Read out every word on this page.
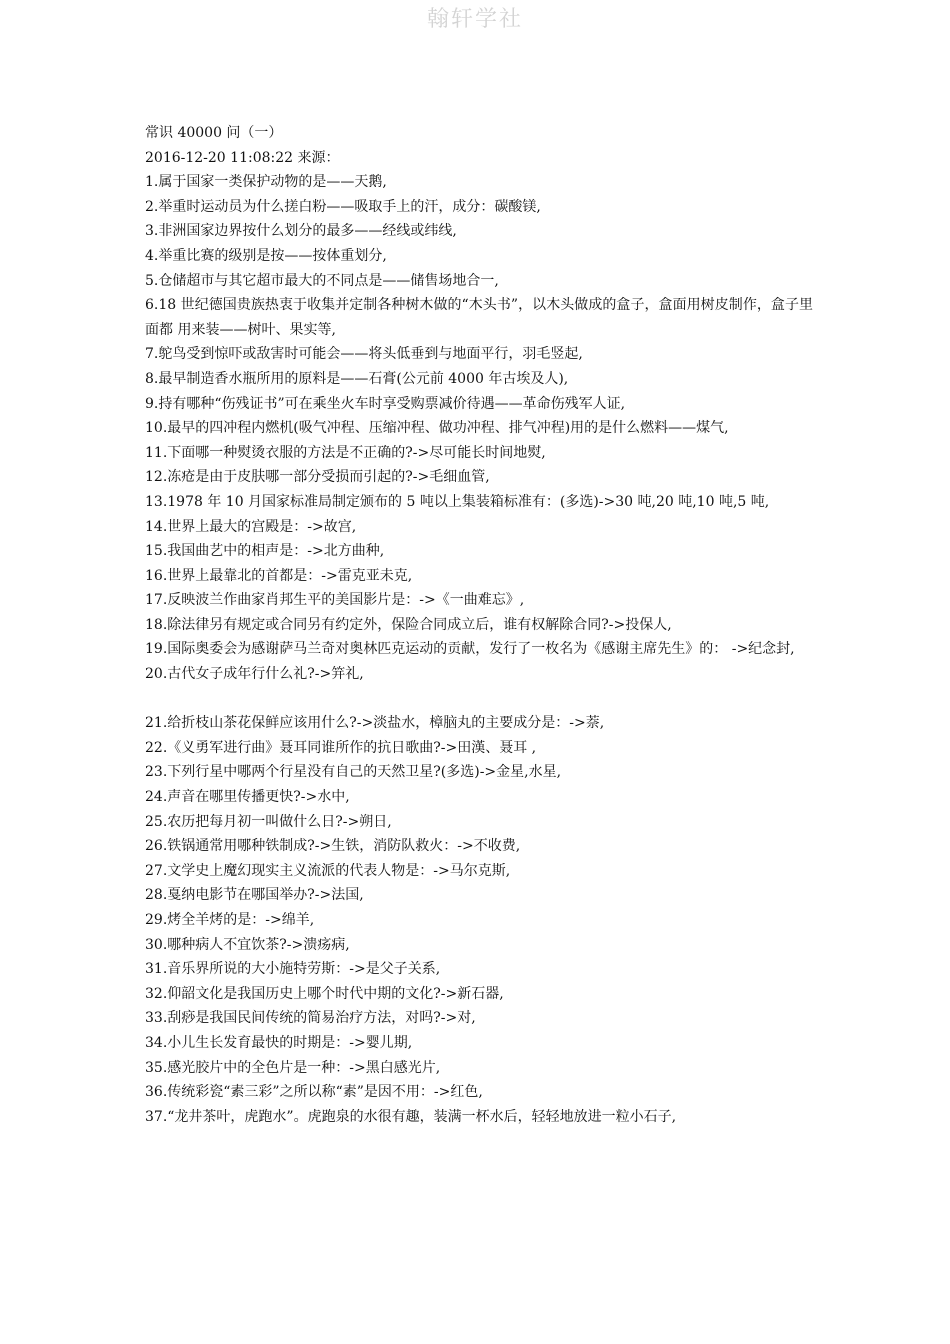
翰轩学社

常识 40000 问（一）

2016-12-20 11:08:22 来源：

1.属于国家一类保护动物的是——天鹅,

2.举重时运动员为什么搓白粉——吸取手上的汗，成分：碳酸镁,

3.非洲国家边界按什么划分的最多——经线或纬线,

4.举重比赛的级别是按——按体重划分,

5.仓储超市与其它超市最大的不同点是——储售场地合一,

6.18 世纪德国贵族热衷于收集并定制各种树木做的“木头书”，以木头做成的盒子，盒面用树皮制作，盒子里面都 用来装——树叶、果实等,

7.鸵鸟受到惊吓或敌害时可能会——将头低垂到与地面平行，羽毛竖起,

8.最早制造香水瓶所用的原料是——石膏(公元前 4000 年古埃及人),

9.持有哪种“伤残证书”可在乘坐火车时享受购票减价待遇——革命伤残军人证,

10.最早的四冲程内燃机(吸气冲程、压缩冲程、做功冲程、排气冲程)用的是什么燃料——煤气,

11.下面哪一种熨烫衣服的方法是不正确的?->尽可能长时间地熨,

12.冻疮是由于皮肤哪一部分受损而引起的?->毛细血管,

13.1978 年 10 月国家标准局制定颁布的 5 吨以上集装箱标准有：(多选)->30 吨,20 吨,10 吨,5 吨,

14.世界上最大的宫殿是：->故宫,

15.我国曲艺中的相声是：->北方曲种,

16.世界上最靠北的首都是：->雷克亚未克,

17.反映波兰作曲家肖邦生平的美国影片是：->《一曲难忘》,

18.除法律另有规定或合同另有约定外，保险合同成立后，谁有权解除合同?->投保人,

19.国际奥委会为感谢萨马兰奇对奥林匹克运动的贡献，发行了一枚名为《感谢主席先生》的： ->纪念封,

20.古代女子成年行什么礼?->笄礼,

21.给折枝山茶花保鲜应该用什么?->淡盐水，樟脑丸的主要成分是：->萘,

22.《义勇军进行曲》聂耳同谁所作的抗日歌曲?->田漢、聂耳 ,

23.下列行星中哪两个行星没有自己的天然卫星?(多选)->金星,水星,

24.声音在哪里传播更快?->水中,

25.农历把每月初一叫做什么日?->朔日,

26.铁锅通常用哪种铁制成?->生铁，消防队救火：->不收费,

27.文学史上魔幻现实主义流派的代表人物是：->马尔克斯,

28.戛纳电影节在哪国举办?->法国,

29.烤全羊烤的是：->绵羊,

30.哪种病人不宜饮茶?->溃疡病,

31.音乐界所说的大小施特劳斯：->是父子关系,

32.仰韶文化是我国历史上哪个时代中期的文化?->新石器,

33.刮痧是我国民间传统的简易治疗方法，对吗?->对,

34.小儿生长发育最快的时期是：->婴儿期,

35.感光胶片中的全色片是一种：->黑白感光片,

36.传统彩瓷“素三彩”之所以称“素”是因不用：->红色,

37.“龙井茶叶，虎跑水”。虎跑泉的水很有趣，装满一杯水后，轻轻地放进一粒小石子,
